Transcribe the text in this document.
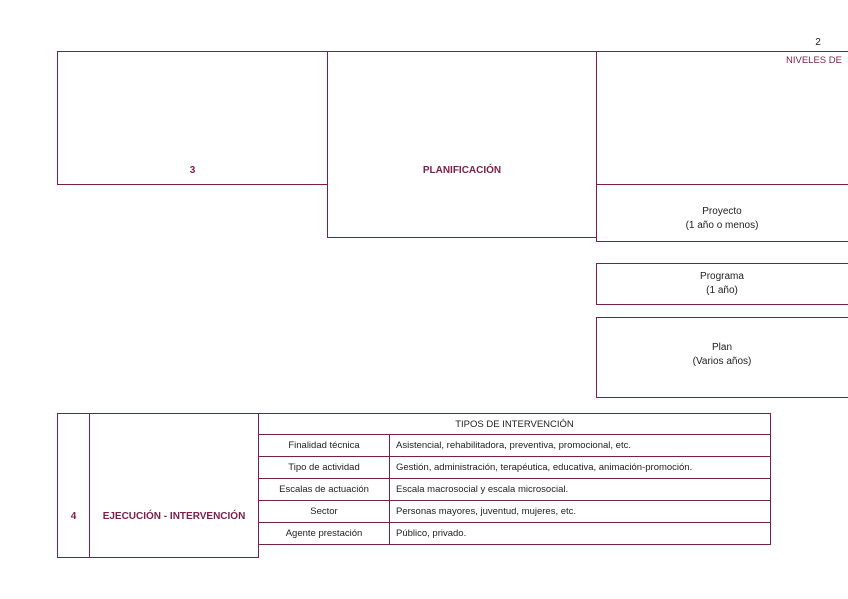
2
3	PLANIFICACIÓN
NIVELES DE
Proyecto
(1 año o menos)
Programa
(1 año)
Plan
(Varios años)
4	EJECUCIÓN - INTERVENCIÓN
TIPOS DE INTERVENCIÓN	
Finalidad técnica	Asistencial, rehabilitadora, preventiva, promocional, etc.
Tipo de actividad	Gestión, administración, terapéutica, educativa, animación-promoción.
Escalas de actuación	Escala macrosocial y escala microsocial.
Sector	Personas mayores, juventud, mujeres, etc.
Agente prestación	Público, privado.
